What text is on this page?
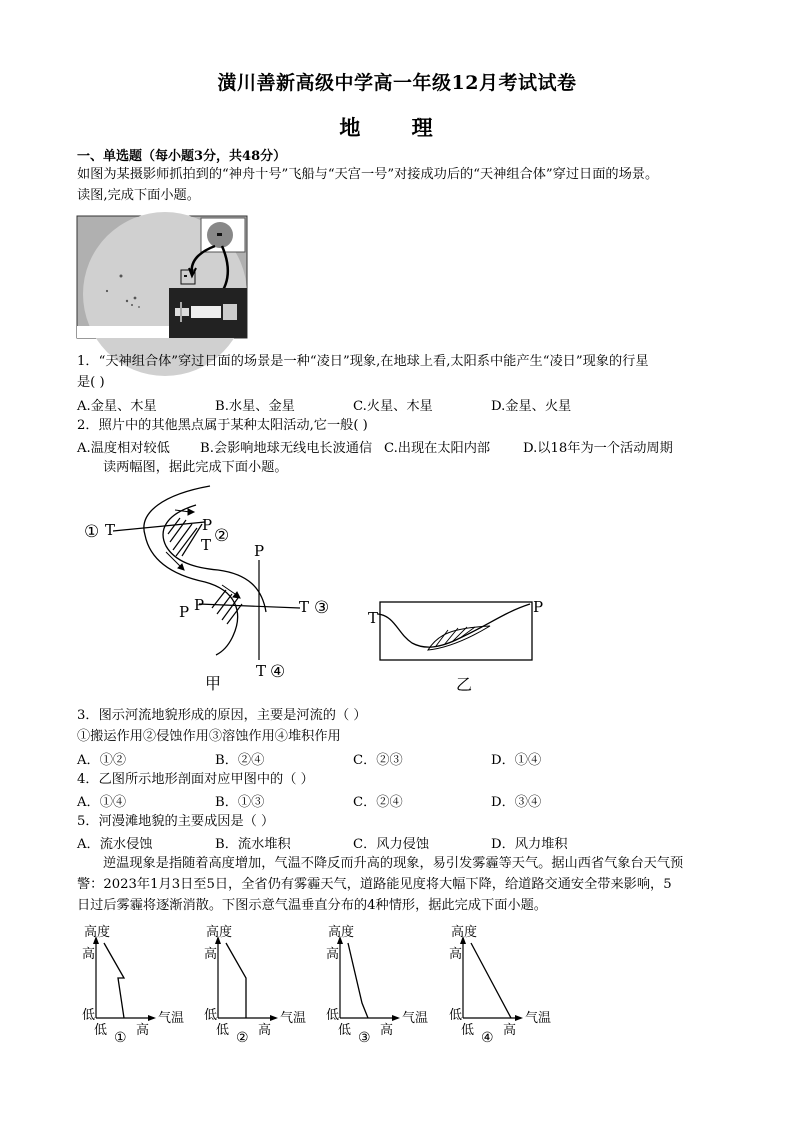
潢川善新高级中学高一年级12月考试试卷
地 理
一、单选题（每小题3分，共48分）
如图为某摄影师抓拍到的“神舟十号”飞船与“天宫一号”对接成功后的“天神组合体”穿过日面的场景。
读图,完成下面小题。
1．“天神组合体”穿过日面的场景是一种“凌日”现象,在地球上看,太阳系中能产生“凌日”现象的行星
是( )
A.金星、木星	B.水星、金星	C.火星、木星	D.金星、火星
2．照片中的其他黑点属于某种太阳活动,它一般( )
A.温度相对较低 B.会影响地球无线电长波通信 C.出现在太阳内部 D.以18年为一个活动周期
读两幅图，据此完成下面小题。
① T	P
②
T	P
P
P	T ③
T ④
甲
T
P
乙
3．图示河流地貌形成的原因，主要是河流的（ ）
①搬运作用②侵蚀作用③溶蚀作用④堆积作用
A．①②	B．②④	C．②③	D．①④
4．乙图所示地形剖面对应甲图中的（ ）
A．①④	B．①③	C．②④	D．③④
5．河漫滩地貌的主要成因是（ ）
A．流水侵蚀	B．流水堆积	C．风力侵蚀	D．风力堆积
逆温现象是指随着高度增加，气温不降反而升高的现象，易引发雾霾等天气。据山西省气象台天气预
警：2023年1月3日至5日，全省仍有雾霾天气，道路能见度将大幅下降，给道路交通安全带来影响，5
日过后雾霾将逐渐消散。下图示意气温垂直分布的4种情形，据此完成下面小题。
高度
高
低
低 高
气温
①
高度
高
低
低 高
气温
②
高度
高
低
低 高
气温
③
高度
高
低
低 高
气温
④
